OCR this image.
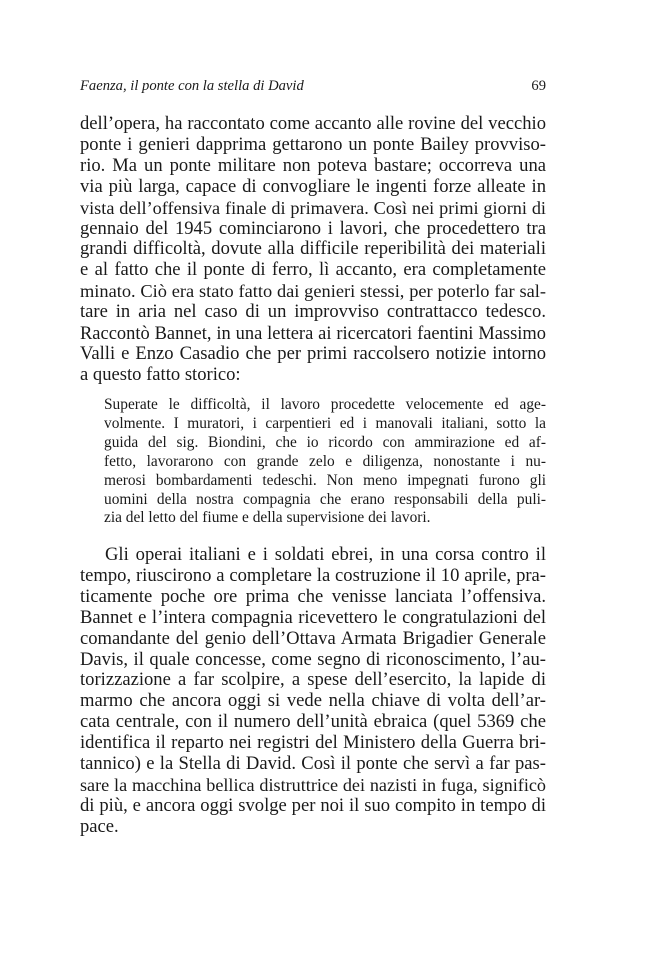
Faenza, il ponte con la stella di David	69
dell’opera, ha raccontato come accanto alle rovine del vecchio
ponte i genieri dapprima gettarono un ponte Bailey provviso-
rio. Ma un ponte militare non poteva bastare; occorreva una
via più larga, capace di convogliare le ingenti forze alleate in
vista dell’offensiva finale di primavera. Così nei primi giorni di
gennaio del 1945 cominciarono i lavori, che procedettero tra
grandi difficoltà, dovute alla difficile reperibilità dei materiali
e al fatto che il ponte di ferro, lì accanto, era completamente
minato. Ciò era stato fatto dai genieri stessi, per poterlo far sal-
tare in aria nel caso di un improvviso contrattacco tedesco.
Raccontò Bannet, in una lettera ai ricercatori faentini Massimo
Valli e Enzo Casadio che per primi raccolsero notizie intorno
a questo fatto storico:
Superate le difficoltà, il lavoro procedette velocemente ed age-
volmente. I muratori, i carpentieri ed i manovali italiani, sotto la
guida del sig. Biondini, che io ricordo con ammirazione ed af-
fetto, lavorarono con grande zelo e diligenza, nonostante i nu-
merosi bombardamenti tedeschi. Non meno impegnati furono gli
uomini della nostra compagnia che erano responsabili della puli-
zia del letto del fiume e della supervisione dei lavori.
Gli operai italiani e i soldati ebrei, in una corsa contro il
tempo, riuscirono a completare la costruzione il 10 aprile, pra-
ticamente poche ore prima che venisse lanciata l’offensiva.
Bannet e l’intera compagnia ricevettero le congratulazioni del
comandante del genio dell’Ottava Armata Brigadier Generale
Davis, il quale concesse, come segno di riconoscimento, l’au-
torizzazione a far scolpire, a spese dell’esercito, la lapide di
marmo che ancora oggi si vede nella chiave di volta dell’ar-
cata centrale, con il numero dell’unità ebraica (quel 5369 che
identifica il reparto nei registri del Ministero della Guerra bri-
tannico) e la Stella di David. Così il ponte che servì a far pas-
sare la macchina bellica distruttrice dei nazisti in fuga, significò
di più, e ancora oggi svolge per noi il suo compito in tempo di
pace.
